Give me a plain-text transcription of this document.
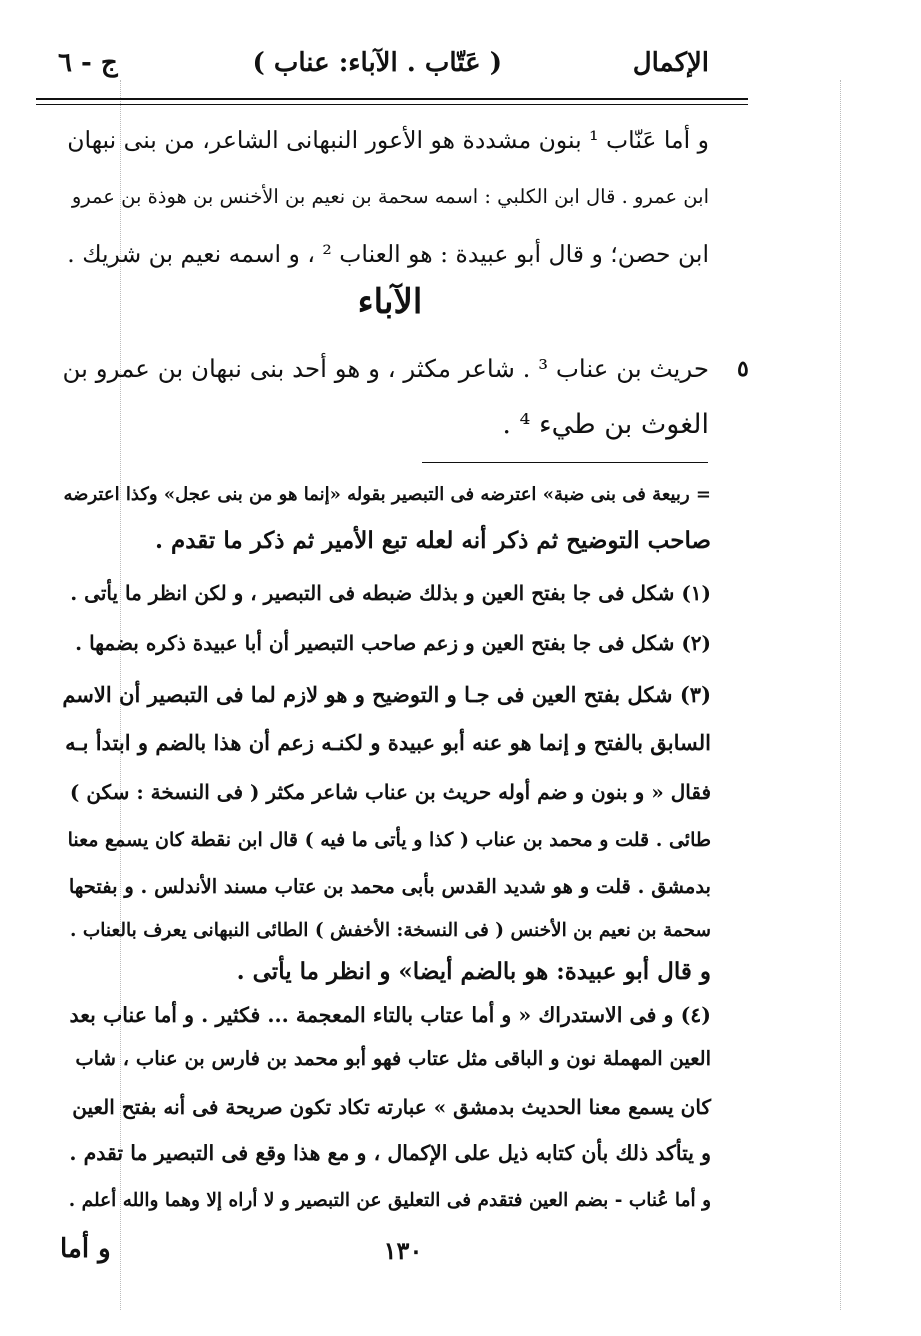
الإكمال
( عَتّاب . الآباء: عناب )
ج - ٦
و أما عَنّاب ¹ بنون مشددة هو الأعور النبهانى الشاعر، من بنى نبهان
ابن عمرو . قال ابن الكلبي : اسمه سحمة بن نعيم بن الأخنس بن هوذة بن عمرو
ابن حصن؛ و قال أبو عبيدة : هو العناب ² ، و اسمه نعيم بن شريك .
الآباء
٥
حريث بن عناب ³ . شاعر مكثر ، و هو أحد بنى نبهان بن عمرو بن
الغوث بن طيء ⁴ .
= ربيعة فى بنى ضبة» اعترضه فى التبصير بقوله «إنما هو من بنى عجل» وكذا اعترضه
صاحب التوضيح ثم ذكر أنه لعله تبع الأمير ثم ذكر ما تقدم .
(١) شكل فى جا بفتح العين و بذلك ضبطه فى التبصير ، و لكن انظر ما يأتى .
(٢) شكل فى جا بفتح العين و زعم صاحب التبصير أن أبا عبيدة ذكره بضمها .
(٣) شكل بفتح العين فى جـا و التوضيح و هو لازم لما فى التبصير أن الاسم
السابق بالفتح و إنما هو عنه أبو عبيدة و لكنـه زعم أن هذا بالضم و ابتدأ بـه
فقال « و بنون و ضم أوله حريث بن عناب شاعر مكثر ( فى النسخة : سكن )
طائى . قلت و محمد بن عناب ( كذا و يأتى ما فيه ) قال ابن نقطة كان يسمع معنا
بدمشق . قلت و هو شديد القدس بأبى محمد بن عتاب مسند الأندلس . و بفتحها
سحمة بن نعيم بن الأخنس ( فى النسخة: الأخفش ) الطائى النبهانى يعرف بالعناب .
و قال أبو عبيدة: هو بالضم أيضا» و انظر ما يأتى .
(٤) و فى الاستدراك « و أما عتاب بالتاء المعجمة ... فكثير . و أما عناب بعد
العين المهملة نون و الباقى مثل عتاب فهو أبو محمد بن فارس بن عناب ، شاب
كان يسمع معنا الحديث بدمشق » عبارته تكاد تكون صريحة فى أنه بفتح العين
و يتأكد ذلك بأن كتابه ذيل على الإكمال ، و مع هذا وقع فى التبصير ما تقدم .
و أما عُناب - بضم العين فتقدم فى التعليق عن التبصير و لا أراه إلا وهما والله أعلم .
١٣٠
و أما
